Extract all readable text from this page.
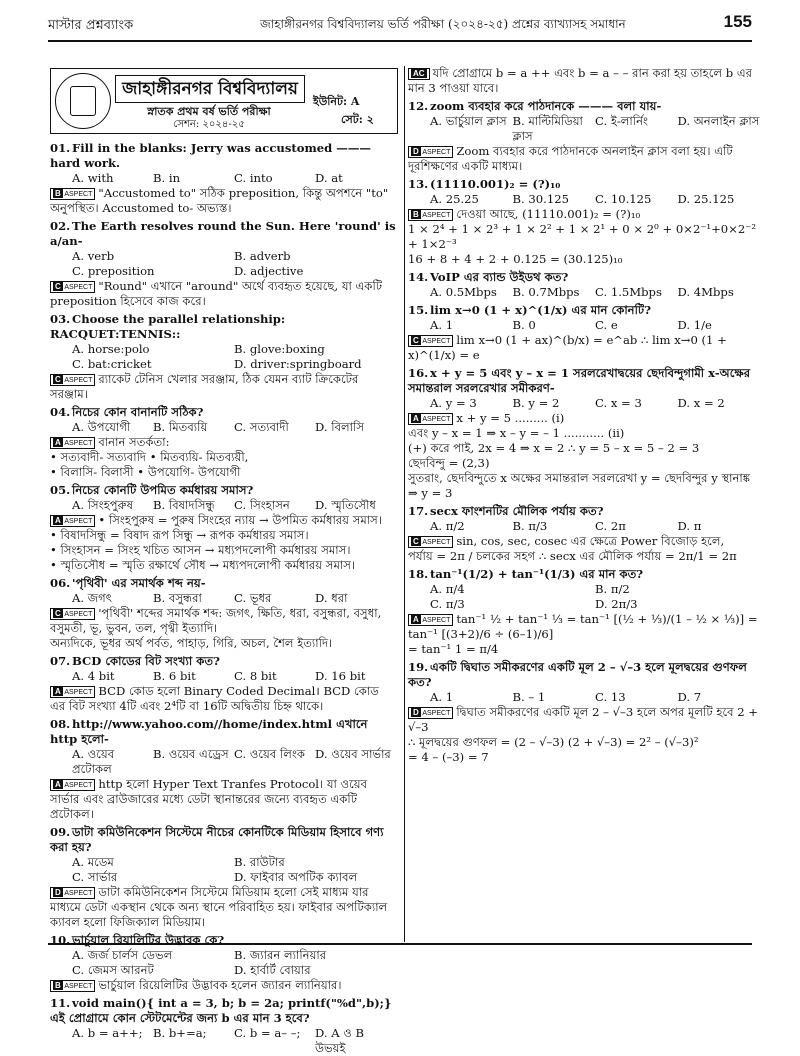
মাস্টার প্রশ্নব্যাংক	জাহাঙ্গীরনগর বিশ্ববিদ্যালয় ভর্তি পরীক্ষা (২০২৪-২৫) প্রশ্নের ব্যাখ্যাসহ সমাধান	155
জাহাঙ্গীরনগর বিশ্ববিদ্যালয়
স্নাতক প্রথম বর্ষ ভর্তি পরীক্ষা
সেশন: ২০২৪-২৫
ইউনিট: A
সেট: ২
01. Fill in the blanks: Jerry was accustomed ——— hard work.
A. with	B. in	C. into	D. at
B ASPECT "Accustomed to" সঠিক preposition, কিন্তু অপশনে "to" অনুপস্থিত। Accustomed to- অভ্যস্ত।
02. The Earth resolves round the Sun. Here 'round' is a/an-
A. verb	B. adverb
C. preposition	D. adjective
C ASPECT "Round" এখানে "around" অর্থে ব্যবহৃত হয়েছে, যা একটি preposition হিসেবে কাজ করে।
03. Choose the parallel relationship: RACQUET:TENNIS::
A. horse:polo	B. glove:boxing
C. bat:cricket	D. driver:springboard
C ASPECT র‍্যাকেট টেনিস খেলার সরঞ্জাম, ঠিক যেমন ব্যাট ক্রিকেটের সরঞ্জাম।
04. নিচের কোন বানানটি সঠিক?
A. উপযোগী	B. মিতব্যয়ি	C. সত্যবাদী	D. বিলাসি
A ASPECT বানান সতর্কতা:
• সত্যবাদী- সত্যবাদি • মিতব্যয়ি- মিতব্যয়ী,
• বিলাসি- বিলাসী • উপযোগি- উপযোগী
05. নিচের কোনটি উপমিত কর্মধারয় সমাস?
A. সিংহপুরুষ	B. বিষাদসিন্ধু	C. সিংহাসন	D. স্মৃতিসৌধ
A ASPECT • সিংহপুরুষ = পুরুষ সিংহের ন্যায় → উপমিত কর্মধারয় সমাস।
• বিষাদসিন্ধু = বিষাদ রূপ সিন্ধু → রূপক কর্মধারয় সমাস।
• সিংহাসন = সিংহ খচিত আসন → মধ্যপদলোপী কর্মধারয় সমাস।
• স্মৃতিসৌধ = স্মৃতি রক্ষার্থে সৌধ → মধ্যপদলোপী কর্মধারয় সমাস।
06. 'পৃথিবী' এর সমার্থক শব্দ নয়-
A. জগৎ	B. বসুন্ধরা	C. ভূধর	D. ধরা
C ASPECT 'পৃথিবী' শব্দের সমার্থক শব্দ: জগৎ, ক্ষিতি, ধরা, বসুন্ধরা, বসুধা, বসুমতী, ভূ, ভুবন, তল, পৃথ্বী ইত্যাদি।
অন্যদিকে, ভূধর অর্থ পর্বত, পাহাড়, গিরি, অচল, শৈল ইত্যাদি।
07. BCD কোডের বিট সংখ্যা কত?
A. 4 bit	B. 6 bit	C. 8 bit	D. 16 bit
A ASPECT BCD কোড হলো Binary Coded Decimal। BCD কোড এর বিট সংখ্যা 4টি এবং 2⁴টি বা 16টি অদ্বিতীয় চিহ্ন থাকে।
08. http://www.yahoo.com//home/index.html এখানে http হলো-
A. ওয়েব প্রটোকল
B. ওয়েব এড্রেস C. ওয়েব লিংক D. ওয়েব সার্ভার
A ASPECT http হলো Hyper Text Tranfes Protocol। যা ওয়েব সার্ভার এবং ব্রাউজারের মধ্যে ডেটা স্থানান্তরের জন্যে ব্যবহৃত একটি প্রটোকল।
09. ডাটা কমিউনিকেশন সিস্টেমে নীচের কোনটিকে মিডিয়াম হিসাবে গণ্য করা হয়?
A. মডেম	B. রাউটার
C. সার্ভার	D. ফাইবার অপটিক ক্যাবল
D ASPECT ডাটা কমিউনিকেশন সিস্টেমে মিডিয়াম হলো সেই মাধ্যম যার মাধ্যমে ডেটা একস্থান থেকে অন্য স্থানে পরিবাহিত হয়। ফাইবার অপটিক্যাল ক্যাবল হলো ফিজিক্যাল মিডিয়াম।
10. ভার্চুয়াল রিয়ালিটির উদ্ভাবক কে?
A. জর্জ চার্লস ডেভল	B. জ্যারন ল্যানিয়ার
C. জেমস আরনট	D. হার্বার্ট বোয়ার
B ASPECT ভার্চুয়াল রিয়েলিটির উদ্ভাবক হলেন জ্যারন ল্যানিয়ার।
11. void main(){ int a = 3, b; b = 2a; printf("%d",b);} এই প্রোগ্রামে কোন স্টেটমেন্টের জন্য b এর মান 3 হবে?
A. b = a++; B. b+=a;	C. b = a– –;	D. A ও B উভয়ই
AC যদি প্রোগ্রামে b = a ++ এবং b = a – – রান করা হয় তাহলে b এর মান 3 পাওয়া যাবে।
12. zoom ব্যবহার করে পাঠদানকে ——— বলা যায়-
A. ভার্চুয়াল ক্লাস B. মাল্টিমিডিয়া ক্লাস
C. ই-লার্নিং	D. অনলাইন ক্লাস
D ASPECT Zoom ব্যবহার করে পাঠদানকে অনলাইন ক্লাস বলা হয়। এটি দূরশিক্ষণের একটি মাধ্যম।
13. (11110.001)₂ = (?)₁₀
A. 25.25	B. 30.125	C. 10.125	D. 25.125
B ASPECT দেওয়া আছে, (11110.001)₂ = (?)₁₀
1 × 2⁴ + 1 × 2³ + 1 × 2² + 1 × 2¹ + 0 × 2⁰ + 0×2⁻¹+0×2⁻² + 1×2⁻³
16 + 8 + 4 + 2 + 0.125 = (30.125)₁₀
14. VoIP এর ব্যান্ড উইডথ কত?
A. 0.5Mbps	B. 0.7Mbps	C. 1.5Mbps	D. 4Mbps
15. lim x→0 (1 + x)^(1/x) এর মান কোনটি?
A. 1	B. 0	C. e	D. 1/e
C ASPECT lim x→0 (1 + ax)^(b/x) = e^ab ∴ lim x→0 (1 + x)^(1/x) = e
16. x + y = 5 এবং y – x = 1 সরলরেখাদ্বয়ের ছেদবিন্দুগামী x-অক্ষের সমান্তরাল সরলরেখার সমীকরণ-
A. y = 3	B. y = 2	C. x = 3	D. x = 2
A ASPECT x + y = 5 ......... (i)
এবং y – x = 1 ⇒ x – y = – 1 ........... (ii)
(+) করে পাই, 2x = 4 ⇒ x = 2 ∴ y = 5 – x = 5 – 2 = 3
ছেদবিন্দু = (2,3)
সুতরাং, ছেদবিন্দুতে x অক্ষের সমান্তরাল সরলরেখা y = ছেদবিন্দুর y স্থানাঙ্ক
⇒ y = 3
17. secx ফাংশনটির মৌলিক পর্যায় কত?
A. π/2	B. π/3	C. 2π	D. π
C ASPECT sin, cos, sec, cosec এর ক্ষেত্রে Power বিজোড় হলে,
পর্যায় = 2π / চলকের সহগ ∴ secx এর মৌলিক পর্যায় = 2π/1 = 2π
18. tan⁻¹(1/2) + tan⁻¹(1/3) এর মান কত?
A. π/4	B. π/2
C. π/3	D. 2π/3
A ASPECT tan⁻¹ ½ + tan⁻¹ ⅓ = tan⁻¹ [(½ + ⅓)/(1 – ½ × ⅓)] = tan⁻¹ [(3+2)/6 ÷ (6–1)/6]
= tan⁻¹ 1 = π/4
19. একটি দ্বিঘাত সমীকরণের একটি মূল 2 – √–3 হলে মূলদ্বয়ের গুণফল কত?
A. 1	B. – 1	C. 13	D. 7
D ASPECT দ্বিঘাত সমীকরণের একটি মূল 2 – √–3 হলে অপর মূলটি হবে 2 + √–3
∴ মূলদ্বয়ের গুণফল = (2 – √–3) (2 + √–3) = 2² – (√–3)²
= 4 – (–3) = 7
